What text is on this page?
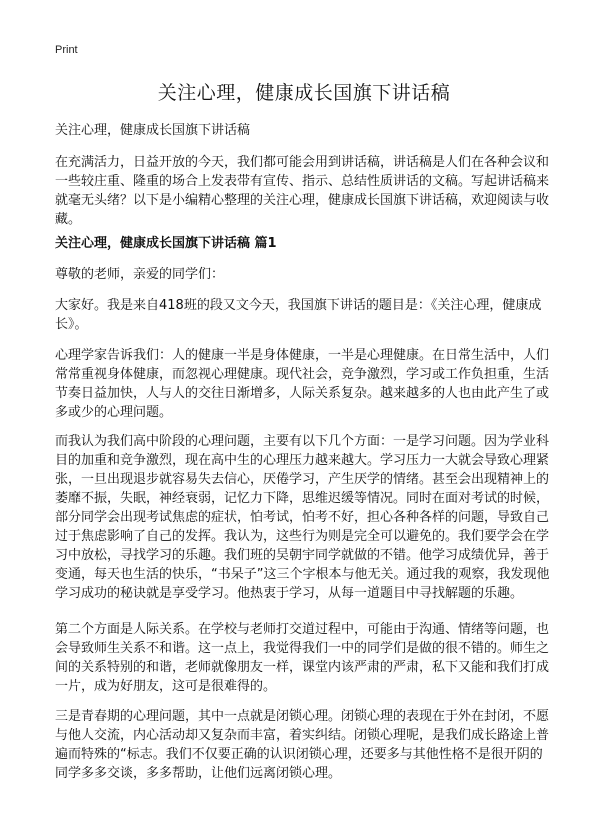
Print
关注心理，健康成长国旗下讲话稿

关注心理，健康成长国旗下讲话稿

在充满活力，日益开放的今天，我们都可能会用到讲话稿，讲话稿是人们在各种会议和一些较庄重、隆重的场合上发表带有宣传、指示、总结性质讲话的文稿。写起讲话稿来就毫无头绪？以下是小编精心整理的关注心理，健康成长国旗下讲话稿，欢迎阅读与收藏。

关注心理，健康成长国旗下讲话稿 篇1

尊敬的老师，亲爱的同学们：

大家好。我是来自418班的段又文今天，我国旗下讲话的题目是：《关注心理，健康成长》。

心理学家告诉我们：人的健康一半是身体健康，一半是心理健康。在日常生活中，人们常常重视身体健康，而忽视心理健康。现代社会，竞争激烈，学习或工作负担重，生活节奏日益加快，人与人的交往日渐增多，人际关系复杂。越来越多的人也由此产生了或多或少的心理问题。

而我认为我们高中阶段的心理问题，主要有以下几个方面：一是学习问题。因为学业科目的加重和竞争激烈，现在高中生的心理压力越来越大。学习压力一大就会导致心理紧张，一旦出现退步就容易失去信心，厌倦学习，产生厌学的情绪。甚至会出现精神上的萎靡不振，失眠，神经衰弱，记忆力下降，思维迟缓等情况。同时在面对考试的时候，部分同学会出现考试焦虑的症状，怕考试，怕考不好，担心各种各样的问题，导致自己过于焦虑影响了自己的发挥。我认为，这些行为则是完全可以避免的。我们要学会在学习中放松，寻找学习的乐趣。我们班的吴朝宇同学就做的不错。他学习成绩优异，善于变通，每天也生活的快乐，“书呆子”这三个字根本与他无关。通过我的观察，我发现他学习成功的秘诀就是享受学习。他热衷于学习，从每一道题目中寻找解题的乐趣。

第二个方面是人际关系。在学校与老师打交道过程中，可能由于沟通、情绪等问题，也会导致师生关系不和谐。这一点上，我觉得我们一中的同学们是做的很不错的。师生之间的关系特别的和谐，老师就像朋友一样，课堂内该严肃的严肃，私下又能和我们打成一片，成为好朋友，这可是很难得的。

三是青春期的心理问题，其中一点就是闭锁心理。闭锁心理的表现在于外在封闭，不愿与他人交流，内心活动却又复杂而丰富，着实纠结。闭锁心理呢，是我们成长路途上普遍而特殊的“标志。我们不仅要正确的认识闭锁心理，还要多与其他性格不是很开阴的同学多多交谈，多多帮助，让他们远离闭锁心理。
